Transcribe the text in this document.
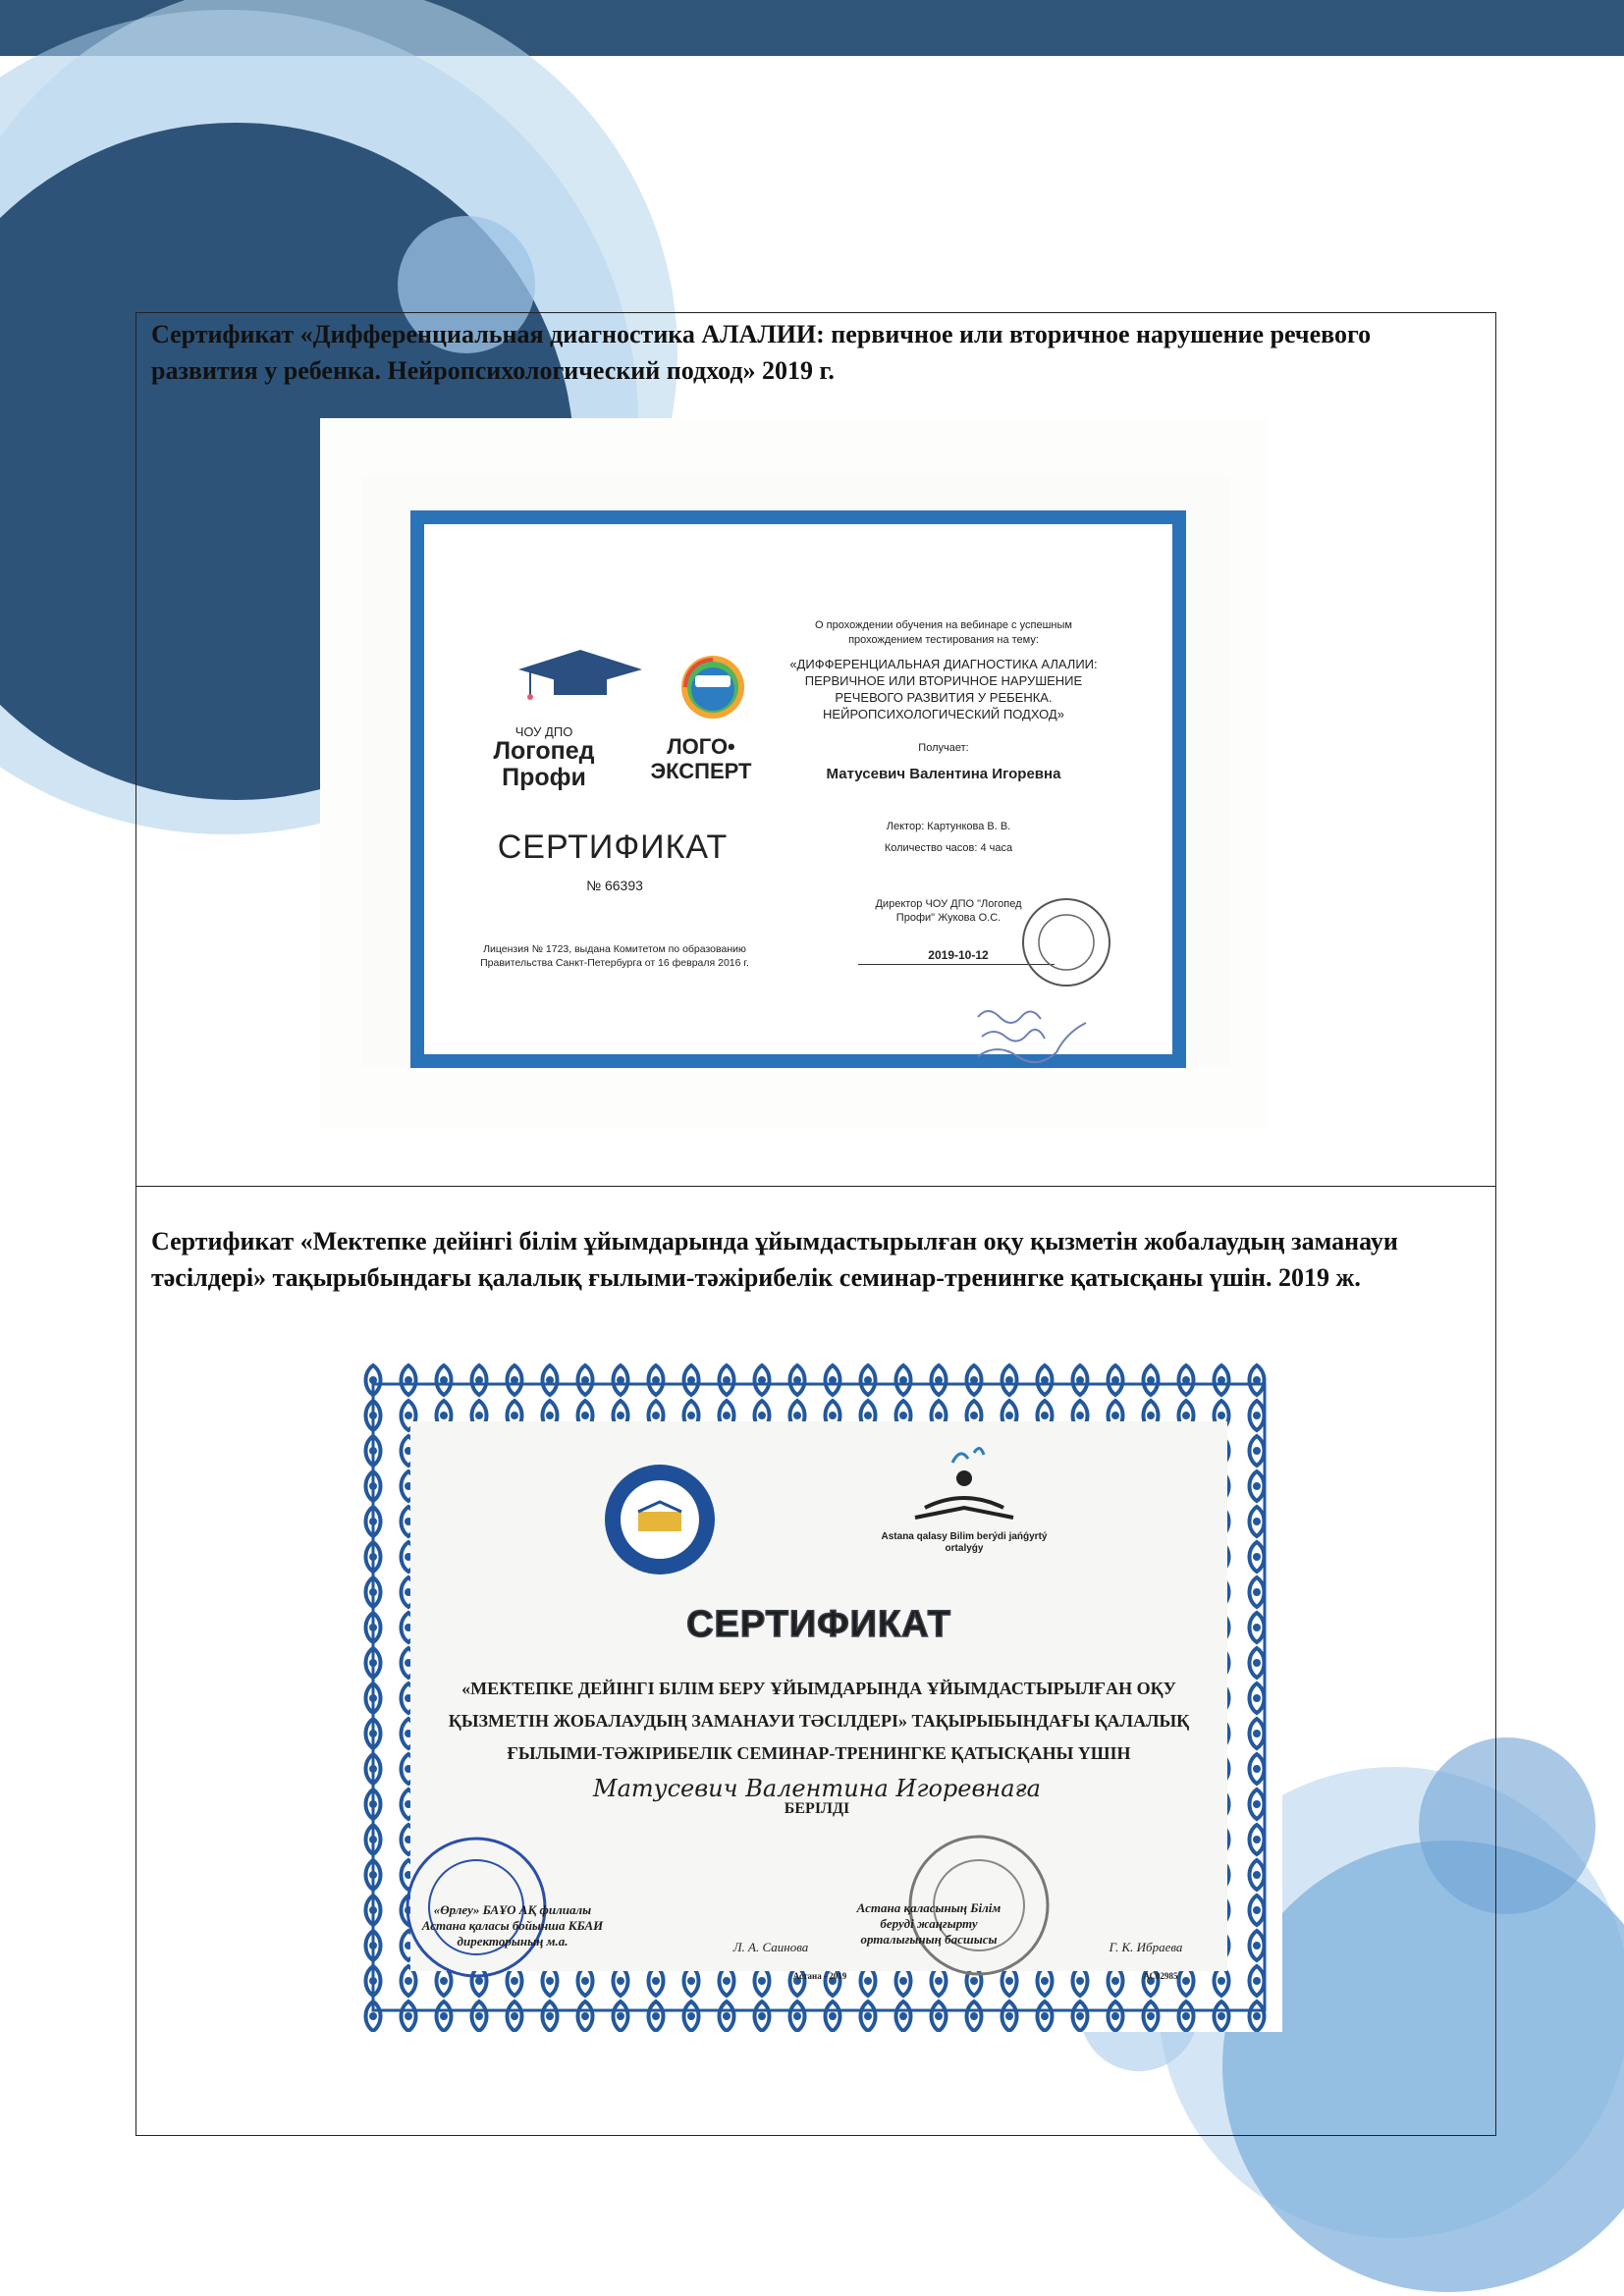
Сертификат «Дифференциальная диагностика АЛАЛИИ: первичное или вторичное нарушение речевого развития у ребенка. Нейропсихологический подход» 2019 г.

ЧОУ ДПО

Логопед Профи

ЛОГО• ЭКСПЕРТ

СЕРТИФИКАТ

№ 66393

Лицензия № 1723, выдана Комитетом по образованию Правительства Санкт-Петербурга от 16 февраля 2016 г.

О прохождении обучения на вебинаре с успешным прохождением тестирования на тему:

«ДИФФЕРЕНЦИАЛЬНАЯ ДИАГНОСТИКА АЛАЛИИ: ПЕРВИЧНОЕ ИЛИ ВТОРИЧНОЕ НАРУШЕНИЕ РЕЧЕВОГО РАЗВИТИЯ У РЕБЕНКА. НЕЙРОПСИХОЛОГИЧЕСКИЙ ПОДХОД»

Получает:

Матусевич Валентина Игоревна

Лектор: Картункова В. В.

Количество часов: 4 часа

Директор ЧОУ ДПО "Логопед Профи" Жукова О.С.

2019-10-12

Сертификат «Мектепке дейінгі білім ұйымдарында ұйымдастырылған оқу қызметін жобалаудың заманауи тәсілдері» тақырыбындағы қалалық ғылыми-тәжірибелік семинар-тренингке қатысқаны үшін. 2019 ж.

Astana qalasy Bilim berýdi jańǵyrtý ortalyǵy

СЕРТИФИКАТ

«МЕКТЕПКЕ ДЕЙІНГІ БІЛІМ БЕРУ ҰЙЫМДАРЫНДА ҰЙЫМДАСТЫРЫЛҒАН ОҚУ ҚЫЗМЕТІН ЖОБАЛАУДЫҢ ЗАМАНАУИ ТӘСІЛДЕРІ» ТАҚЫРЫБЫНДАҒЫ ҚАЛАЛЫҚ ҒЫЛЫМИ-ТӘЖІРИБЕЛІК СЕМИНАР-ТРЕНИНГКЕ ҚАТЫСҚАНЫ ҮШІН

Матусевич Валентина Игоревнаға

БЕРІЛДІ

«Өрлеу» БАҰО АҚ филиалы Астана қаласы бойынша КБАИ директорының м.а.	Л. А. Саинова

Астана қаласының Білім беруді жаңғырту орталығының басшысы

Г. К. Ибраева

Астана - 2019	АС02985
